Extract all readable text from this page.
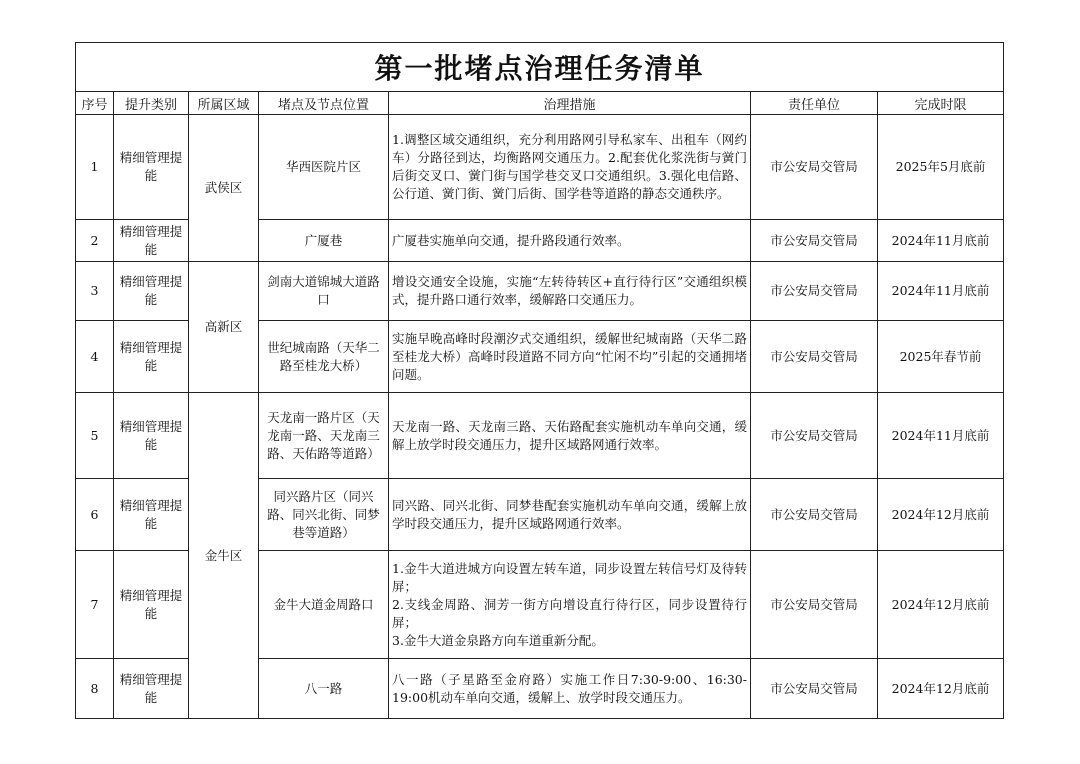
第一批堵点治理任务清单						
序号	提升类别	所属区域	堵点及节点位置	治理措施	责任单位	完成时限
1	精细管理提能	武侯区	华西医院片区	1.调整区域交通组织，充分利用路网引导私家车、出租车（网约车）分路径到达，均衡路网交通压力。2.配套优化浆洗街与黉门后街交叉口、黉门街与国学巷交叉口交通组织。3.强化电信路、公行道、黉门街、黉门后街、国学巷等道路的静态交通秩序。	市公安局交管局	2025年5月底前
2	精细管理提能		广厦巷	广厦巷实施单向交通，提升路段通行效率。	市公安局交管局	2024年11月底前
3	精细管理提能	高新区	剑南大道锦城大道路口	增设交通安全设施，实施“左转待转区+直行待行区”交通组织模式，提升路口通行效率，缓解路口交通压力。	市公安局交管局	2024年11月底前
4	精细管理提能		世纪城南路（天华二路至桂龙大桥）	实施早晚高峰时段潮汐式交通组织，缓解世纪城南路（天华二路至桂龙大桥）高峰时段道路不同方向“忙闲不均”引起的交通拥堵问题。	市公安局交管局	2025年春节前
5	精细管理提能	金牛区	天龙南一路片区（天龙南一路、天龙南三路、天佑路等道路）	天龙南一路、天龙南三路、天佑路配套实施机动车单向交通，缓解上放学时段交通压力，提升区域路网通行效率。	市公安局交管局	2024年11月底前
6	精细管理提能		同兴路片区（同兴路、同兴北街、同梦巷等道路）	同兴路、同兴北街、同梦巷配套实施机动车单向交通，缓解上放学时段交通压力，提升区域路网通行效率。	市公安局交管局	2024年12月底前
7	精细管理提能		金牛大道金周路口	1.金牛大道进城方向设置左转车道，同步设置左转信号灯及待转屏；
2.支线金周路、洞芳一街方向增设直行待行区，同步设置待行屏；
3.金牛大道金泉路方向车道重新分配。	市公安局交管局	2024年12月底前
8	精细管理提能		八一路	八一路（子星路至金府路）实施工作日7:30-9:00、16:30-19:00机动车单向交通，缓解上、放学时段交通压力。	市公安局交管局	2024年12月底前
